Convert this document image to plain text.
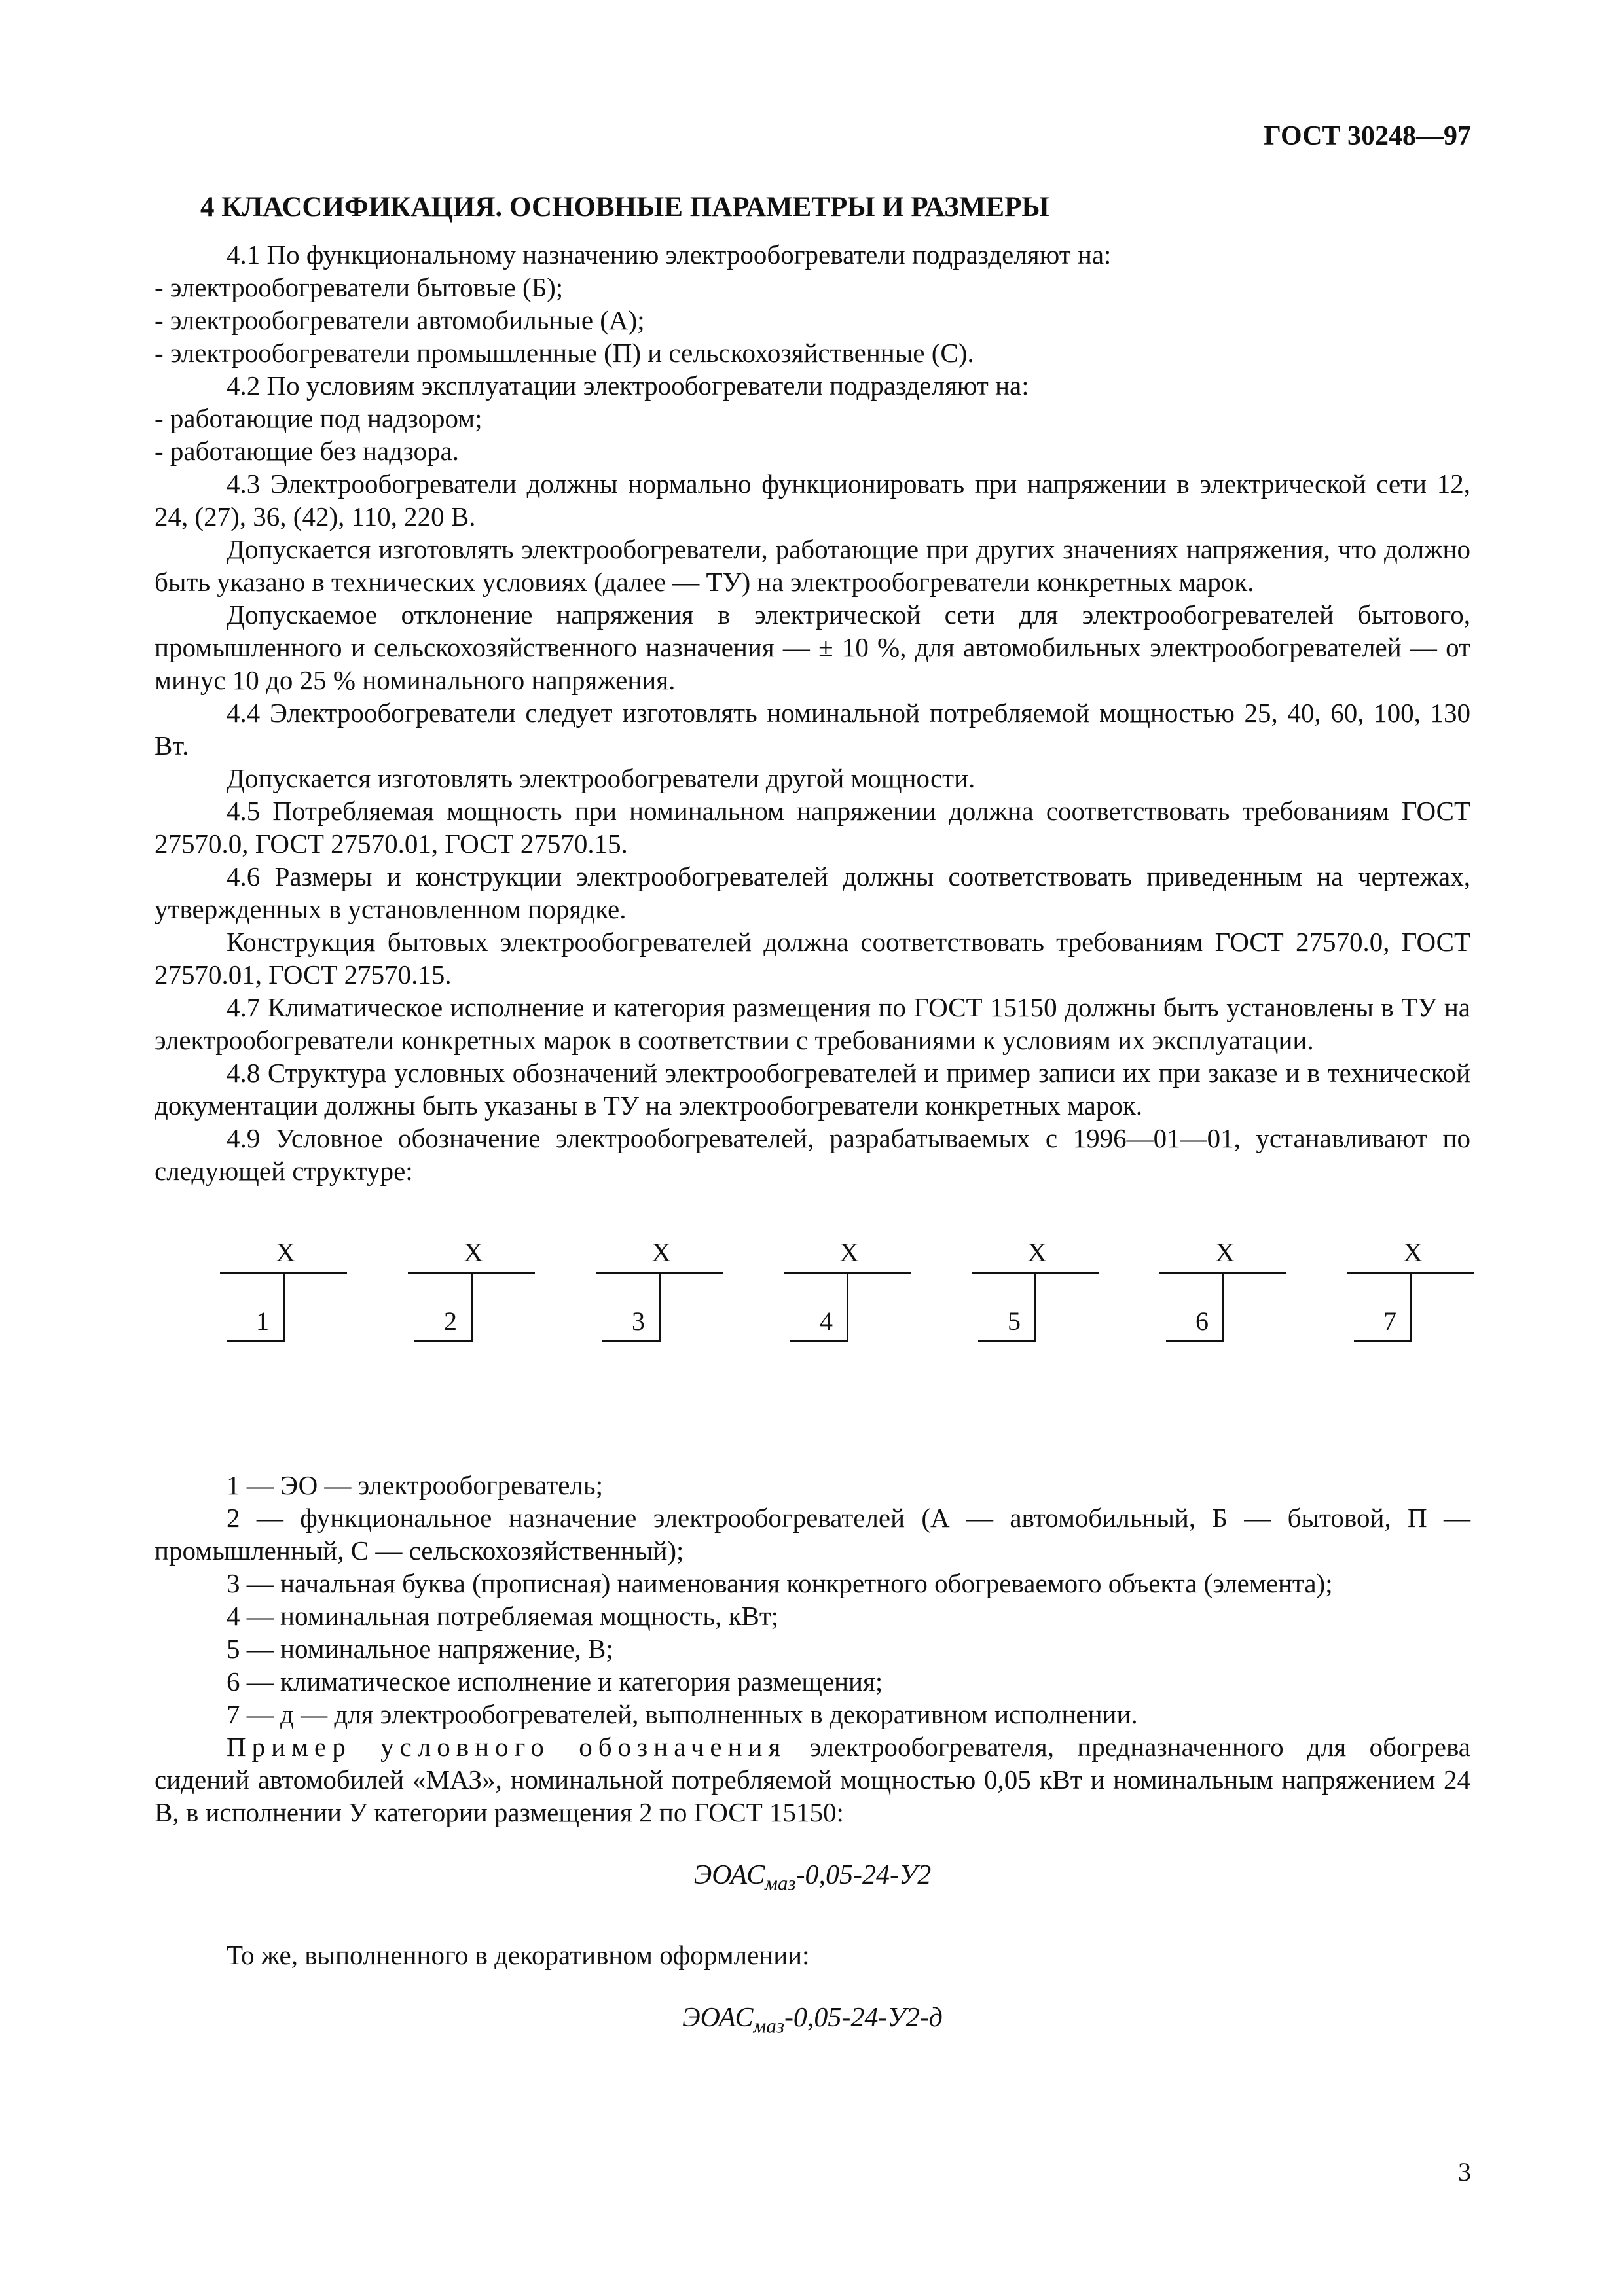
ГОСТ 30248—97
4 КЛАССИФИКАЦИЯ. ОСНОВНЫЕ ПАРАМЕТРЫ И РАЗМЕРЫ

4.1 По функциональному назначению электрообогреватели подразделяют на:

- электрообогреватели бытовые (Б);

- электрообогреватели автомобильные (А);

- электрообогреватели промышленные (П) и сельскохозяйственные (С).

4.2 По условиям эксплуатации электрообогреватели подразделяют на:

- работающие под надзором;

- работающие без надзора.

4.3 Электрообогреватели должны нормально функционировать при напряжении в электрической сети 12, 24, (27), 36, (42), 110, 220 В.

Допускается изготовлять электрообогреватели, работающие при других значениях напряжения, что должно быть указано в технических условиях (далее — ТУ) на электрообогреватели конкретных марок.

Допускаемое отклонение напряжения в электрической сети для электрообогревателей бытового, промышленного и сельскохозяйственного назначения — ± 10 %, для автомобильных электрообогревателей — от минус 10 до 25 % номинального напряжения.

4.4 Электрообогреватели следует изготовлять номинальной потребляемой мощностью 25, 40, 60, 100, 130 Вт.

Допускается изготовлять электрообогреватели другой мощности.

4.5 Потребляемая мощность при номинальном напряжении должна соответствовать требованиям ГОСТ 27570.0, ГОСТ 27570.01, ГОСТ 27570.15.

4.6 Размеры и конструкции электрообогревателей должны соответствовать приведенным на чертежах, утвержденных в установленном порядке.

Конструкция бытовых электрообогревателей должна соответствовать требованиям ГОСТ 27570.0, ГОСТ 27570.01, ГОСТ 27570.15.

4.7 Климатическое исполнение и категория размещения по ГОСТ 15150 должны быть установлены в ТУ на электрообогреватели конкретных марок в соответствии с требованиями к условиям их эксплуатации.

4.8 Структура условных обозначений электрообогревателей и пример записи их при заказе и в технической документации должны быть указаны в ТУ на электрообогреватели конкретных марок.

4.9 Условное обозначение электрообогревателей, разрабатываемых с 1996—01—01, устанавливают по следующей структуре:

X
1
X
2
X
3
X
4
X
5
X
6
X
7

1 — ЭО — электрообогреватель;

2 — функциональное назначение электрообогревателей (А — автомобильный, Б — бытовой, П — промышленный, С — сельскохозяйственный);

3 — начальная буква (прописная) наименования конкретного обогреваемого объекта (элемента);

4 — номинальная потребляемая мощность, кВт;

5 — номинальное напряжение, В;

6 — климатическое исполнение и категория размещения;

7 — д — для электрообогревателей, выполненных в декоративном исполнении.

Пример условного обозначения электрообогревателя, предназначенного для обогрева сидений автомобилей «МАЗ», номинальной потребляемой мощностью 0,05 кВт и номинальным напряжением 24 В, в исполнении У категории размещения 2 по ГОСТ 15150:

$ЭОАС_{маз}-0,05-24-У2$

То же, выполненного в декоративном оформлении:

$ЭОАС_{маз}-0,05-24-У2-д$
3
